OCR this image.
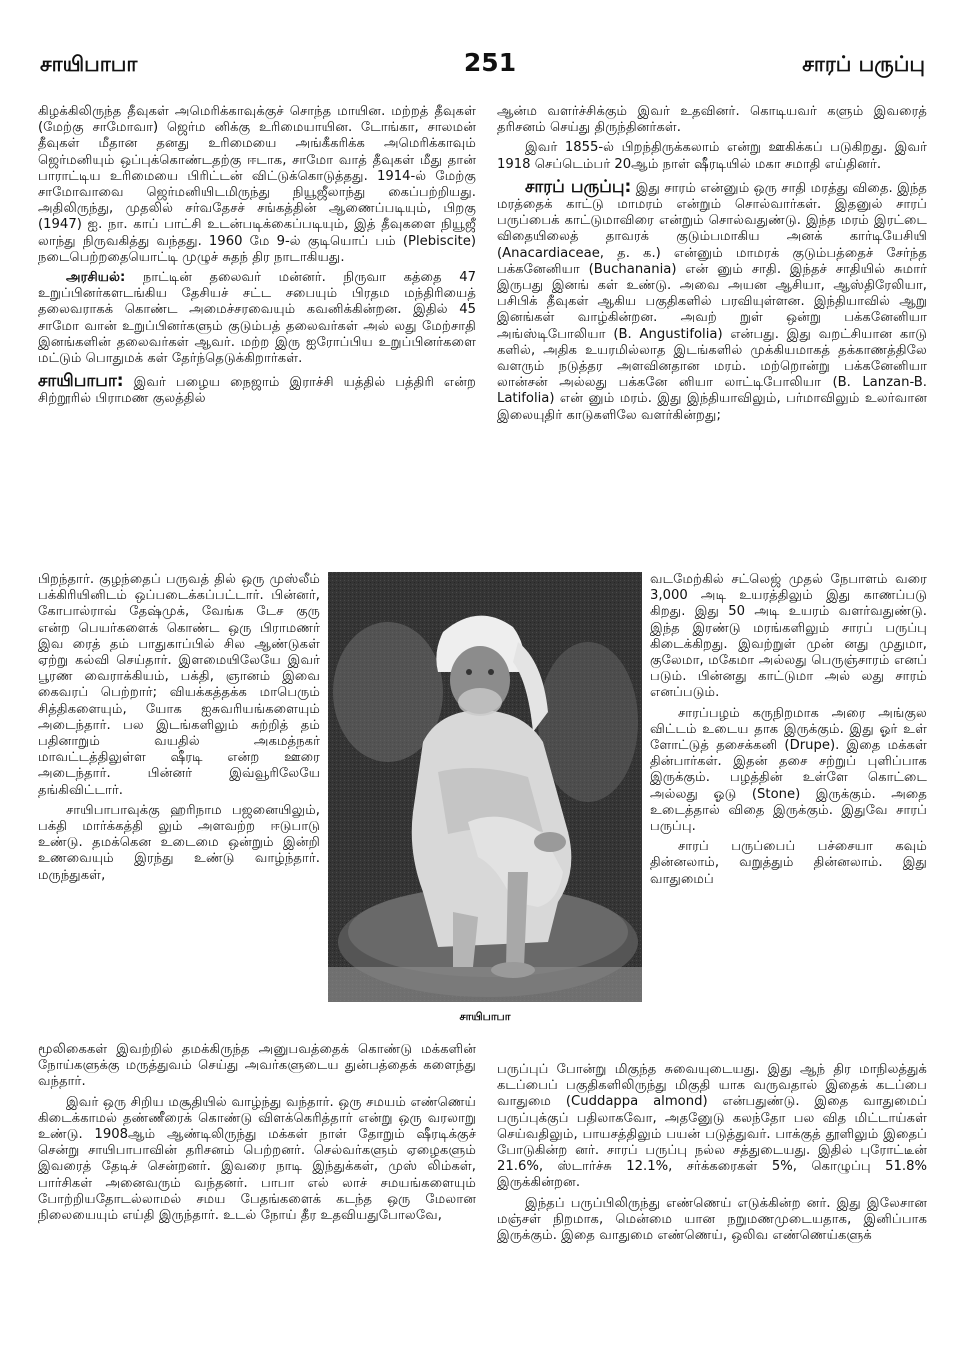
சாயிபாபா	251	சாரப் பருப்பு

கிழக்கிலிருந்த தீவுகள் அமெரிக்காவுக்குச் சொந்த மாயின. மற்றத் தீவுகள் (மேற்கு சாமோவா) ஜெர்ம னிக்கு உரிமையாயின. டோங்கா, சாலமன் தீவுகள் மீதான தனது உரிமையை அங்கீகரிக்க அமெரிக்காவும் ஜெர்மனியும் ஒப்புக்கொண்டதற்கு ஈடாக, சாமோ வாத் தீவுகள் மீது தான் பாராட்டிய உரிமையை பிரிட்டன் விட்டுக்கொடுத்தது. 1914-ல் மேற்கு சாமோவாவை ஜெர்மனியிடமிருந்து நியூஜீலாந்து கைப்பற்றியது. அதிலிருந்து, முதலில் சர்வதேசச் சங்கத்தின் ஆணைப்படியும், பிறகு (1947) ஐ. நா. காப் பாட்சி உடன்படிக்கைப்படியும், இத் தீவுகளை நியூஜீ லாந்து நிருவகித்து வந்தது. 1960 மே 9-ல் குடியொப் பம் (Plebiscite) நடைபெற்றதையொட்டி முழுச் சுதந் திர நாடாகியது.

அரசியல்: நாட்டின் தலைவர் மன்னர். நிருவா கத்தை 47 உறுப்பினர்களடங்கிய தேசியச் சட்ட சபையும் பிரதம மந்திரியைத் தலைவராகக் கொண்ட அமைச்சரவையும் கவனிக்கின்றன. இதில் 45 சாமோ வான் உறுப்பினர்களும் குடும்பத் தலைவர்கள் அல் லது மேற்சாதி இனங்களின் தலைவர்கள் ஆவர். மற்ற இரு ஐரோப்பிய உறுப்பினர்களை மட்டும் பொதுமக் கள் தேர்ந்தெடுக்கிறார்கள்.

சாயிபாபா: இவர் பழைய நைஜாம் இராச்சி யத்தில் பத்திரி என்ற சிற்றூரில் பிராமண குலத்தில்

பிறந்தார். குழந்தைப் பருவத் தில் ஒரு முஸ்லீம் பக்கிரியினிடம் ஒப்படைக்கப்பட்டார். பின்னர், கோபால்ராவ் தேஷ்முக், வேங்க டேச குரு என்ற பெயர்களைக் கொண்ட ஒரு பிராமணர் இவ ரைத் தம் பாதுகாப்பில் சில ஆண்டுகள் ஏற்று கல்வி செய்தார். இளமையிலேயே இவர் பூரண வைராக்கியம், பக்தி, ஞானம் இவை கைவரப் பெற்றார்; வியக்கத்தக்க மாபெரும் சித்திகளையும், யோக ஐசுவரியங்களையும் அடைந்தார். பல இடங்களிலும் சுற்றித் தம் பதினாறும் வயதில் அகமத்நகர் மாவட்டத்திலுள்ள ஷீரடி என்ற ஊரை அடைந்தார். பின்னர் இவ்வூரிலேயே தங்கிவிட்டார்.

சாயிபாபாவுக்கு ஹரிநாம பஜனையிலும், பக்தி மார்க்கத்தி லும் அளவற்ற ஈடுபாடு உண்டு. தமக்கென உடைமை ஒன்றும் இன்றி உணவையும் இரந்து உண்டு வாழ்ந்தார். மருந்துகள்,

மூலிகைகள் இவற்றில் தமக்கிருந்த அனுபவத்தைக் கொண்டு மக்களின் நோய்களுக்கு மருத்துவம் செய்து அவர்களுடைய துன்பத்தைக் களைந்து வந்தார்.

இவர் ஒரு சிறிய மசூதியில் வாழ்ந்து வந்தார். ஒரு சமயம் எண்ணெய் கிடைக்காமல் தண்ணீரைக் கொண்டு விளக்கெரித்தார் என்று ஒரு வரலாறு உண்டு. 1908ஆம் ஆண்டிலிருந்து மக்கள் நாள் தோறும் ஷீரடிக்குச் சென்று சாயிபாபாவின் தரிசனம் பெற்றனர். செல்வர்களும் ஏழைகளும் இவரைத் தேடிச் சென்றனர். இவரை நாடி இந்துக்கள், முஸ் லிம்கள், பார்சிகள் அனைவரும் வந்தனர். பாபா எல் லாச் சமயங்களையும் போற்றியதோடல்லாமல் சமய பேதங்களைக் கடந்த ஒரு மேலான நிலையையும் எய்தி இருந்தார். உடல் நோய் தீர உதவியதுபோலவே,

ஆன்ம வளர்ச்சிக்கும் இவர் உதவினர். கொடியவர் களும் இவரைத் தரிசனம் செய்து திருந்தினர்கள்.

இவர் 1855-ல் பிறந்திருக்கலாம் என்று ஊகிக்கப் படுகிறது. இவர் 1918 செப்டெம்பர் 20ஆம் நாள் ஷீரடியில் மகா சமாதி எய்தினர்.

சாரப் பருப்பு: இது சாரம் என்னும் ஒரு சாதி மரத்து விதை. இந்த மரத்தைக் காட்டு மாமரம் என்றும் சொல்வார்கள். இதனுல் சாரப் பருப்பைக் காட்டுமாவிரை என்றும் சொல்வதுண்டு. இந்த மரம் இரட்டை விதையிலைத் தாவரக் குடும்பமாகிய அனக் கார்டியேசியி (Anacardiaceae, த. க.) என்னும் மாமரக் குடும்பத்தைச் சேர்ந்த பக்கனேனியா (Buchanania) என் னும் சாதி. இந்தச் சாதியில் சுமார் இருபது இனங் கள் உண்டு. அவை அயன ஆசியா, ஆஸ்திரேலியா, பசிபிக் தீவுகள் ஆகிய பகுதிகளில் பரவியுள்ளன. இந்தியாவில் ஆறு இனங்கள் வாழ்கின்றன. அவற் றுள் ஒன்று பக்கனேனியா அங்ஸ்டிபோலியா (B. Angustifolia) என்பது. இது வறட்சியான காடு களில், அதிக உயரமில்லாத இடங்களில் முக்கியமாகத் தக்காணத்திலே வளரும் நடுத்தர அளவினதான மரம். மற்றொன்று பக்கனேனியா லான்சன் அல்லது பக்கனே னியா லாட்டிபோலியா (B. Lanzan-B. Latifolia) என் னும் மரம். இது இந்தியாவிலும், பர்மாவிலும் உலர்வான இலையுதிர் காடுகளிலே வளர்கின்றது;

வடமேற்கில் சட்லெஜ் முதல் நேபாளம் வரை 3,000 அடி உயரத்திலும் இது காணப்படு கிறது. இது 50 அடி உயரம் வளர்வதுண்டு. இந்த இரண்டு மரங்களிலும் சாரப் பருப்பு கிடைக்கிறது. இவற்றுள் முன் னது முதுமா, குலேமா, மகேமா அல்லது பெருஞ்சாரம் எனப் படும். பின்னது காட்டுமா அல் லது சாரம் எனப்படும்.

சாரப்பழம் கருநிறமாக அரை அங்குல விட்டம் உடைய தாக இருக்கும். இது ஓர் உள் ளோட்டுத் தசைக்கனி (Drupe). இதை மக்கள் தின்பார்கள். இதன் தசை சற்றுப் புளிப்பாக இருக்கும். பழத்தின் உள்ளே கொட்டை அல்லது ஓடு (Stone) இருக்கும். அதை உடைத்தால் விதை இருக்கும். இதுவே சாரப் பருப்பு.

சாரப் பருப்பைப் பச்சையா கவும் தின்னலாம், வறுத்தும் தின்னலாம். இது வாதுமைப்

பருப்புப் போன்று மிகுந்த சுவையுடையது. இது ஆந் திர மாநிலத்துக் கடப்பைப் பகுதிகளிலிருந்து மிகுதி யாக வருவதால் இதைக் கடப்பை வாதுமை (Cuddappa almond) என்பதுண்டு. இதை வாதுமைப் பருப்புக்குப் பதிலாகவோ, அதனுேடு கலந்தோ பல வித மிட்டாய்கள் செய்வதிலும், பாயசத்திலும் பயன் படுத்துவர். பாக்குத் தூளிலும் இதைப் போடுகின்ற னர். சாரப் பருப்பு நல்ல சத்துடையது. இதில் புரோட்டீன் 21.6%, ஸ்டார்ச்சு 12.1%, சர்க்கரைகள் 5%, கொழுப்பு 51.8% இருக்கின்றன.

இந்தப் பருப்பிலிருந்து எண்ணெய் எடுக்கின்ற னர். இது இலேசான மஞ்சள் நிறமாக, மென்மை யான நறுமணமுடையதாக, இனிப்பாக இருக்கும். இதை வாதுமை எண்ணெய், ஒலிவ எண்ணெய்களுக்

சாயிபாபா
